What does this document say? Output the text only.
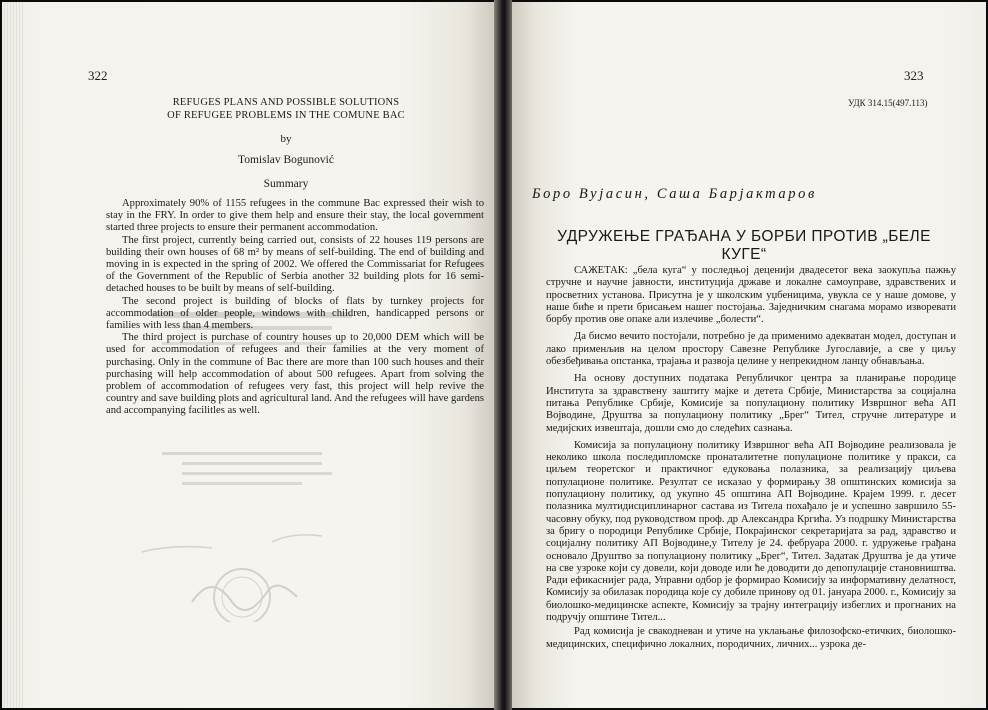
322
REFUGES PLANS AND POSSIBLE SOLUTIONS
OF REFUGEE PROBLEMS IN THE COMUNE BAC
by
Tomislav Bogunović
Summary

Approximately 90% of 1155 refugees in the commune Bac expressed their wish to stay in the FRY. In order to give them help and ensure their stay, the local government started three projects to ensure their permanent accommodation.

The first project, currently being carried out, consists of 22 houses 119 persons are building their own houses of 68 m² by means of self-building. The end of building and moving in is expected in the spring of 2002. We offered the Commissariat for Refugees of the Government of the Republic of Serbia another 32 building plots for 16 semi-detached houses to be built by means of self-building.

The second project is building of blocks of flats by turnkey projects for accommodation of older people, windows with children, handicapped persons or families with less than 4 members.

The third project is purchase of country houses up to 20,000 DEM which will be used for accommodation of refugees and their families at the very moment of purchasing. Only in the commune of Bac there are more than 100 such houses and their purchasing will help accommodation of about 500 refugees. Apart from solving the problem of accommodation of refugees very fast, this project will help revive the country and save building plots and agricultural land. And the refugees will have gardens and accompanying facilitles as well.

323
УДК 314.15(497.113)
Боро Вујасин, Саша Барјактаров
УДРУЖЕЊЕ ГРАЂАНА У БОРБИ ПРОТИВ „БЕЛЕ КУГЕ“

САЖЕТАК: „бела куга“ у последњој деценији двадесетог века заокупља пажњу стручне и научне јавности, институција државе и локалне самоуправе, здравствених и просветних установа. Присутна је у школским уџбеницима, увукла се у наше домове, у наше биће и прети брисањем нашег постојања. Заједничким снагама морамо изворевати борбу против ове опаке али излечиве „болести“.

Да бисмо вечито постојали, потребно је да применимо адекватан модел, доступан и лако применљив на целом простору Савезне Републике Југославије, а све у циљу обезбеђивања опстанка, трајања и развоја целине у непрекидном ланцу обнављања.

На основу доступних података Републичког центра за планирање породице Института за здравствену заштиту мајке и детета Србије, Министарства за социјална питања Републике Србије, Комисије за популациону политику Извршног већа АП Војводине, Друштва за популациону политику „Брег“ Тител, стручне литературе и медијских извештаја, дошли смо до следећих сазнања.

Комисија за популациону политику Извршног већа АП Војводине реализовала је неколико школа последипломске пронаталитетне популационе политике у пракси, са циљем теоретског и практичног едуковања полазника, за реализацију циљева популационе политике. Резултат се исказао у формирању 38 општинских комисија за популациону политику, од укупно 45 општина АП Војводине. Крајем 1999. г. десет полазника мултидисциплинарног састава из Титела похађало је и успешно завршило 55-часовну обуку, под руководством проф. др Александра Кргића. Уз подршку Министарства за бригу о породици Републике Србије, Покрајинског секретаријата за рад, здравство и социјалну политику АП Војводине,у Тителу је 24. фебруара 2000. г. удружење грађана основало Друштво за популациону политику „Брег“, Тител. Задатак Друштва је да утиче на све узроке који су довели, који доводе или ће доводити до депопулације становништва. Ради ефикаснијег рада, Управни одбор је формирао Комисију за информативну делатност, Комисију за обилазак породица које су добиле принову од 01. јануара 2000. г., Комисију за биолошко-медицинске аспекте, Комисију за трајну интеграцију избеглих и прогнаних на подручју општине Тител...

Рад комисија је свакодневан и утиче на уклањање филозофско-етичких, биолошко-медицинских, специфично локалних, породичних, личних... узрока де-
